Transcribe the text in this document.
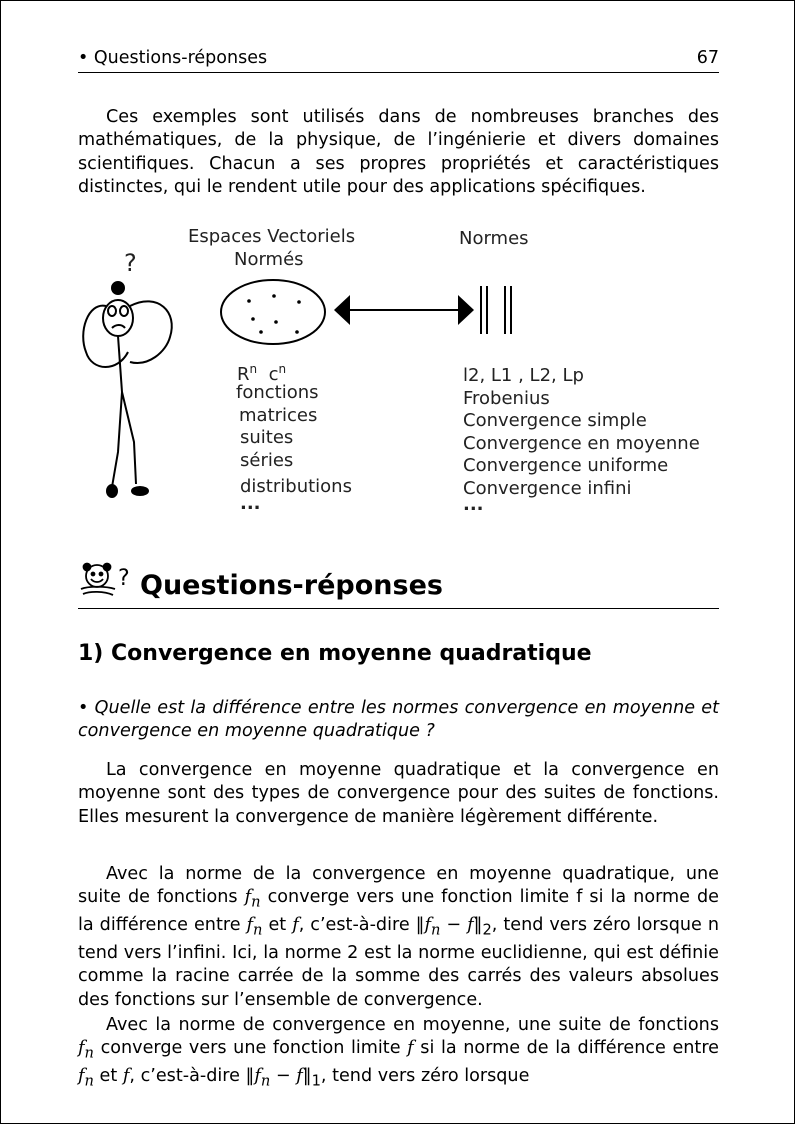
• Questions-réponses	67
Ces exemples sont utilisés dans de nombreuses branches des mathématiques, de la physique, de l’ingénierie et divers domaines scientifiques. Chacun a ses propres propriétés et caractéristiques distinctes, qui le rendent utile pour des applications spécifiques.
?
Espaces Vectoriels
Normés
Normes
$R^n$ $c^n$
fonctions
matrices
suites
séries
distributions
...
l2, L1 , L2, Lp
Frobenius
Convergence simple
Convergence en moyenne
Convergence uniforme
Convergence infini
...
? Questions-réponses
1) Convergence en moyenne quadratique
• Quelle est la différence entre les normes convergence en moyenne et convergence en moyenne quadratique ?
La convergence en moyenne quadratique et la convergence en moyenne sont des types de convergence pour des suites de fonctions. Elles mesurent la convergence de manière légèrement différente.
Avec la norme de la convergence en moyenne quadratique, une suite de fonctions $f_n$ converge vers une fonction limite f si la norme de la différence entre $f_n$ et f, c’est-à-dire $‖f_n$ − $f‖_2$, tend vers zéro lorsque n tend vers l’infini. Ici, la norme 2 est la norme euclidienne, qui est définie comme la racine carrée de la somme des carrés des valeurs absolues des fonctions sur l’ensemble de convergence.
Avec la norme de convergence en moyenne, une suite de fonctions $f_n$ converge vers une fonction limite f si la norme de la différence entre $f_n$ et f, c’est-à-dire $‖f_n$ − $f‖_1$, tend vers zéro lorsque
